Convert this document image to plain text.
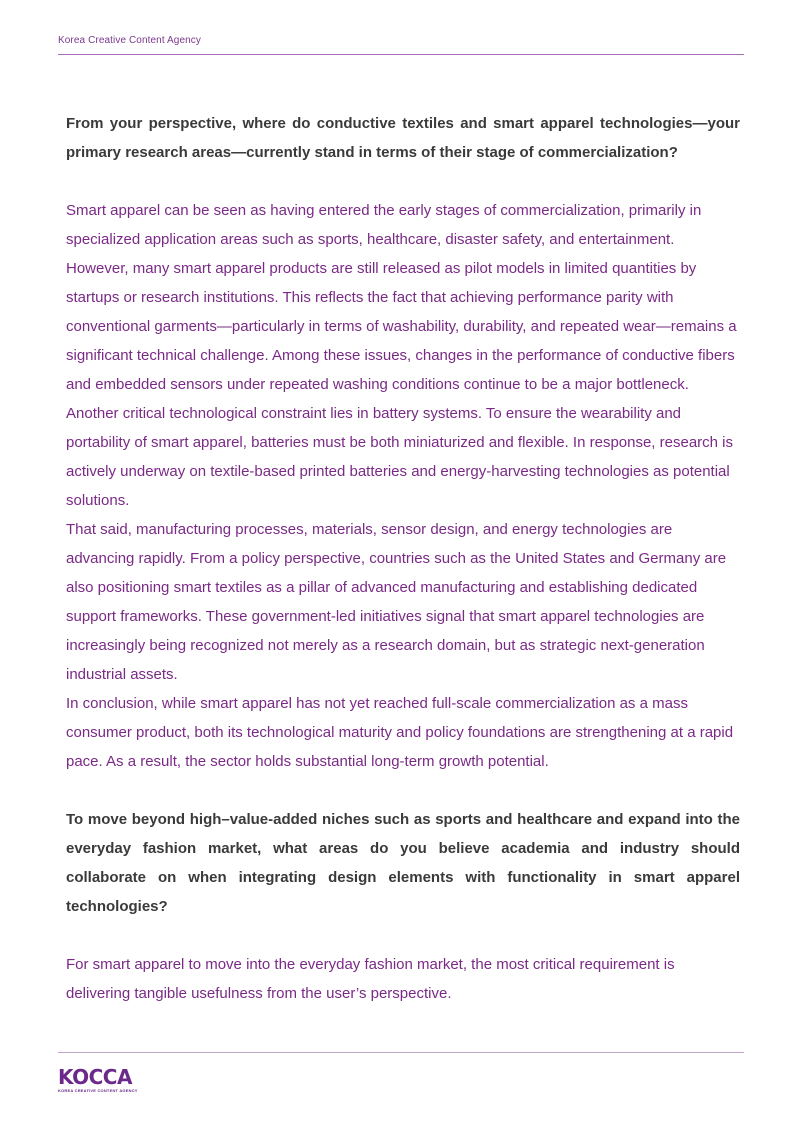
Korea Creative Content Agency

From your perspective, where do conductive textiles and smart apparel technologies—your primary research areas—currently stand in terms of their stage of commercialization?

Smart apparel can be seen as having entered the early stages of commercialization, primarily in specialized application areas such as sports, healthcare, disaster safety, and entertainment. However, many smart apparel products are still released as pilot models in limited quantities by startups or research institutions. This reflects the fact that achieving performance parity with conventional garments—particularly in terms of washability, durability, and repeated wear—remains a significant technical challenge. Among these issues, changes in the performance of conductive fibers and embedded sensors under repeated washing conditions continue to be a major bottleneck.

Another critical technological constraint lies in battery systems. To ensure the wearability and portability of smart apparel, batteries must be both miniaturized and flexible. In response, research is actively underway on textile-based printed batteries and energy-harvesting technologies as potential solutions.

That said, manufacturing processes, materials, sensor design, and energy technologies are advancing rapidly. From a policy perspective, countries such as the United States and Germany are also positioning smart textiles as a pillar of advanced manufacturing and establishing dedicated support frameworks. These government-led initiatives signal that smart apparel technologies are increasingly being recognized not merely as a research domain, but as strategic next-generation industrial assets.

In conclusion, while smart apparel has not yet reached full-scale commercialization as a mass consumer product, both its technological maturity and policy foundations are strengthening at a rapid pace. As a result, the sector holds substantial long-term growth potential.

To move beyond high–value-added niches such as sports and healthcare and expand into the everyday fashion market, what areas do you believe academia and industry should collaborate on when integrating design elements with functionality in smart apparel technologies?

For smart apparel to move into the everyday fashion market, the most critical requirement is delivering tangible usefulness from the user’s perspective.

KOCCA
KOREA CREATIVE CONTENT AGENCY
